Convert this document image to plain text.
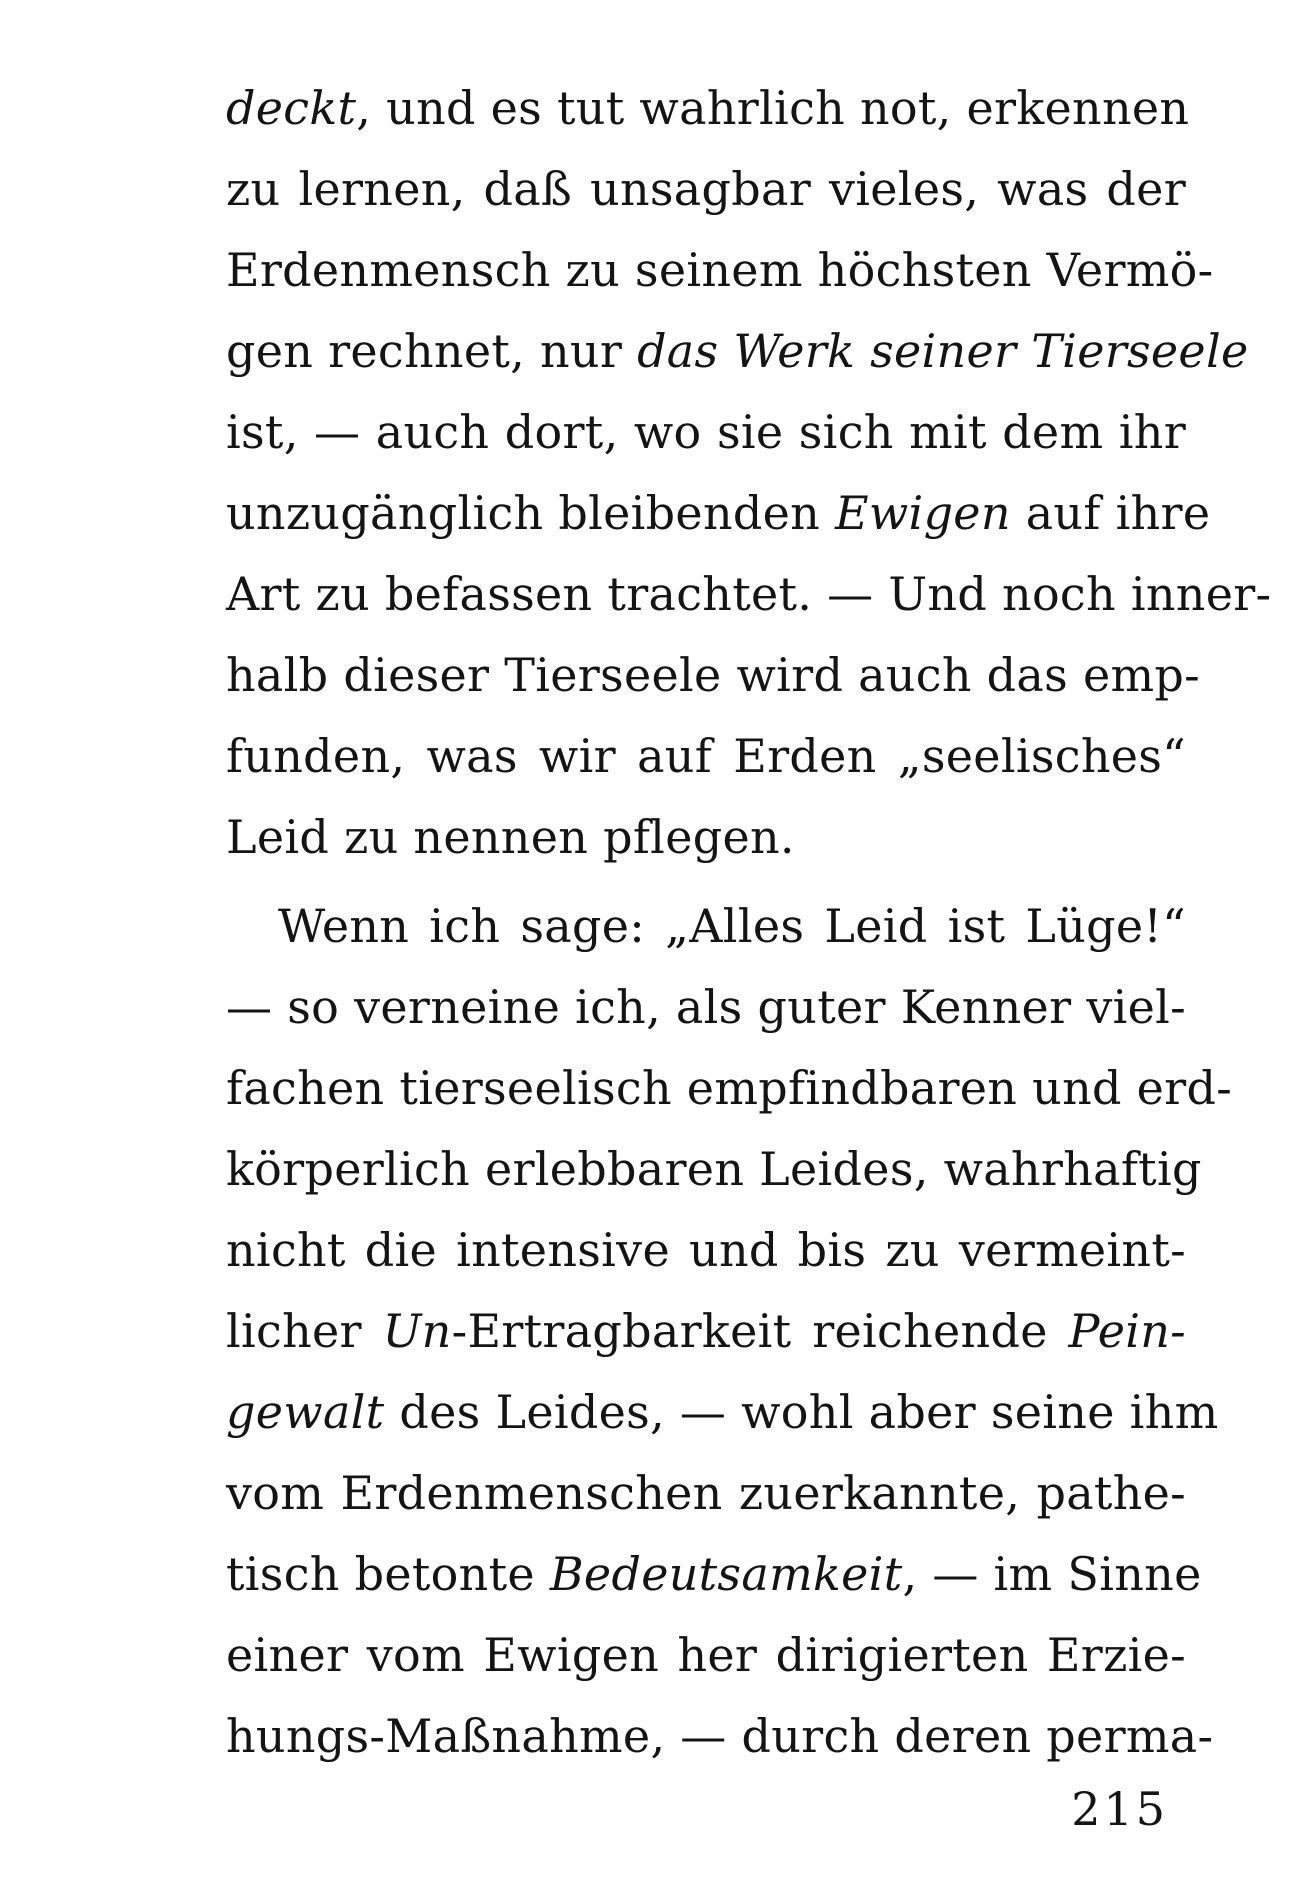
deckt, und es tut wahrlich not, erkennen
zu lernen, daß unsagbar vieles, was der
Erdenmensch zu seinem höchsten Vermö-
gen rechnet, nur das Werk seiner Tierseele
ist, — auch dort, wo sie sich mit dem ihr
unzugänglich bleibenden Ewigen auf ihre
Art zu befassen trachtet. — Und noch inner-
halb dieser Tierseele wird auch das emp-
funden, was wir auf Erden „seelisches“
Leid zu nennen pflegen.
Wenn ich sage: „Alles Leid ist Lüge!“
— so verneine ich, als guter Kenner viel-
fachen tierseelisch empfindbaren und erd-
körperlich erlebbaren Leides, wahrhaftig
nicht die intensive und bis zu vermeint-
licher Un-Ertragbarkeit reichende Pein-
gewalt des Leides, — wohl aber seine ihm
vom Erdenmenschen zuerkannte, pathe-
tisch betonte Bedeutsamkeit, — im Sinne
einer vom Ewigen her dirigierten Erzie-
hungs-Maßnahme, — durch deren perma-
215
